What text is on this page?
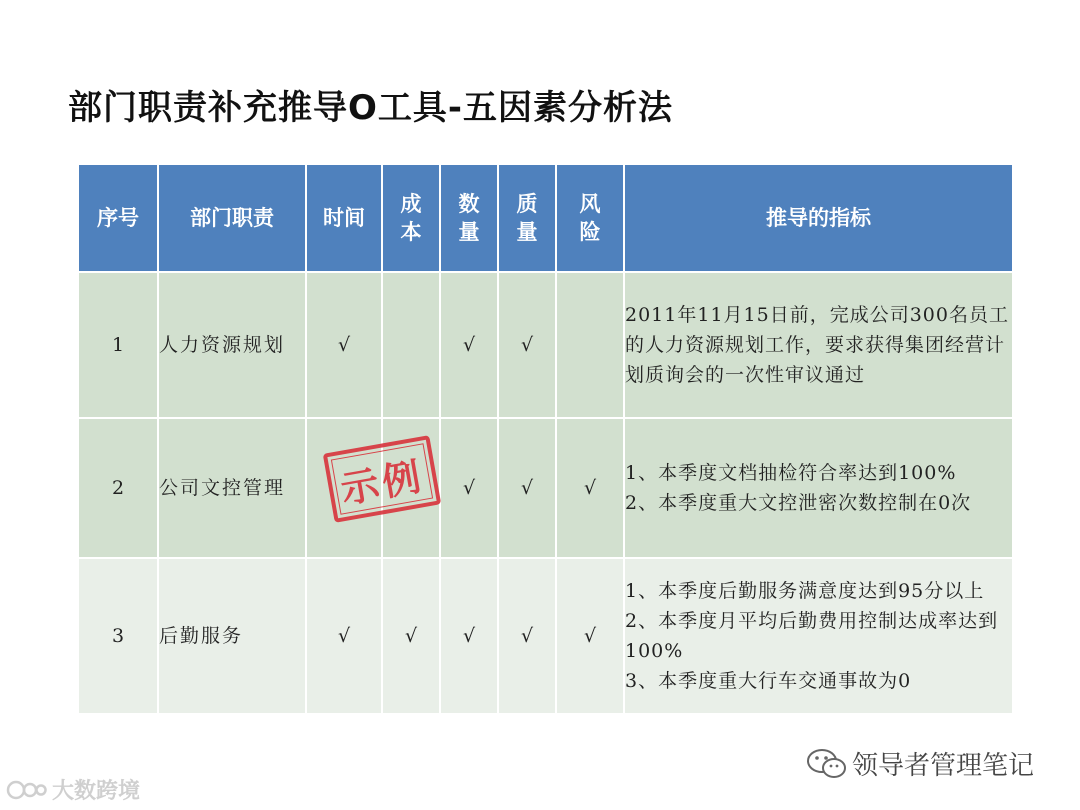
部门职责补充推导O工具-五因素分析法
序号	部门职责	时间	成本	数量	质量	风险	推导的指标
1	人力资源规划	√		√	√		2011年11月15日前，完成公司300名员工的人力资源规划工作，要求获得集团经营计划质询会的一次性审议通过

2	公司文控管理			√	√	√	1、本季度文档抽检符合率达到100%
2、本季度重大文控泄密次数控制在0次

3	后勤服务	√	√	√	√	√	1、本季度后勤服务满意度达到95分以上
2、本季度月平均后勤费用控制达成率达到100%
3、本季度重大行车交通事故为0
示例
领导者管理笔记
大数跨境
